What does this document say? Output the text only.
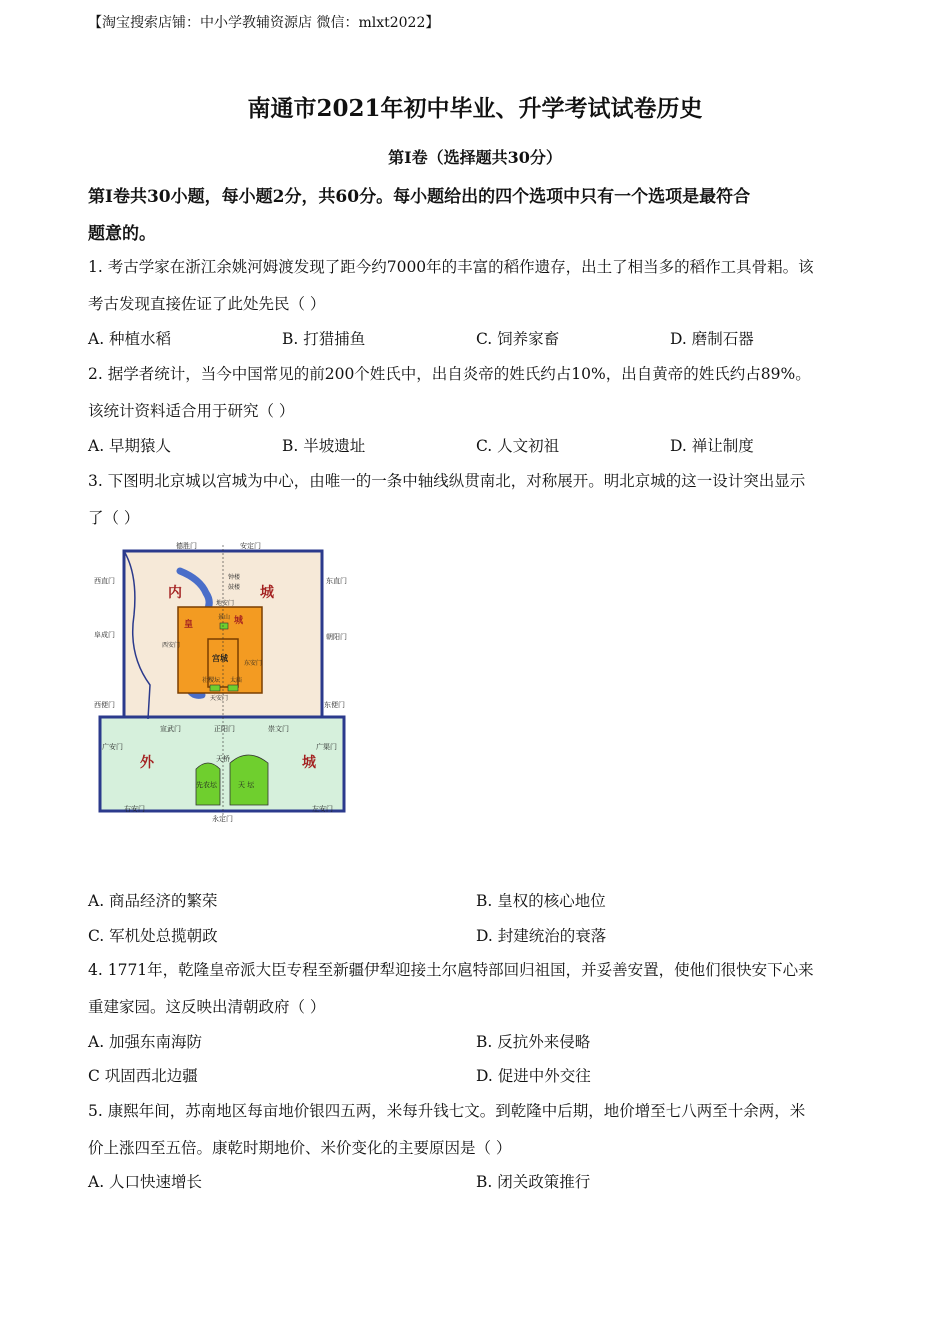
【淘宝搜索店铺：中小学教辅资源店 微信：mlxt2022】
南通市2021年初中毕业、升学考试试卷历史
第Ⅰ卷（选择题共30分）
第Ⅰ卷共30小题，每小题2分，共60分。每小题给出的四个选项中只有一个选项是最符合
题意的。
1. 考古学家在浙江余姚河姆渡发现了距今约7000年的丰富的稻作遗存，出土了相当多的稻作工具骨耜。该
考古发现直接佐证了此处先民（ ）
A. 种植水稻	B. 打猎捕鱼	C. 饲养家畜	D. 磨制石器
2. 据学者统计，当今中国常见的前200个姓氏中，出自炎帝的姓氏约占10%，出自黄帝的姓氏约占89%。
该统计资料适合用于研究（ ）
A. 早期猿人	B. 半坡遗址	C. 人文初祖	D. 禅让制度
3. 下图明北京城以宫城为中心，由唯一的一条中轴线纵贯南北，对称展开。明北京城的这一设计突出显示
了（ ）
德胜门	安定门
西直门
阜成门
西便门
东直门
朝阳门
东便门
正阳门
宣武门	崇文门
广安门	广渠门
右安门
永定门
左安门
内	城
皇	城
宫城
钟楼
鼓楼
地安门
景山
西安门
东安门
社稷坛 太庙
天安门
外	城
天桥
先农坛	天 坛
A. 商品经济的繁荣	B. 皇权的核心地位
C. 军机处总揽朝政	D. 封建统治的衰落
4. 1771年，乾隆皇帝派大臣专程至新疆伊犁迎接土尔扈特部回归祖国，并妥善安置，使他们很快安下心来
重建家园。这反映出清朝政府（ ）
A. 加强东南海防	B. 反抗外来侵略
C 巩固西北边疆	D. 促进中外交往
5. 康熙年间，苏南地区每亩地价银四五两，米每升钱七文。到乾隆中后期，地价增至七八两至十余两，米
价上涨四至五倍。康乾时期地价、米价变化的主要原因是（ ）
A. 人口快速增长	B. 闭关政策推行
